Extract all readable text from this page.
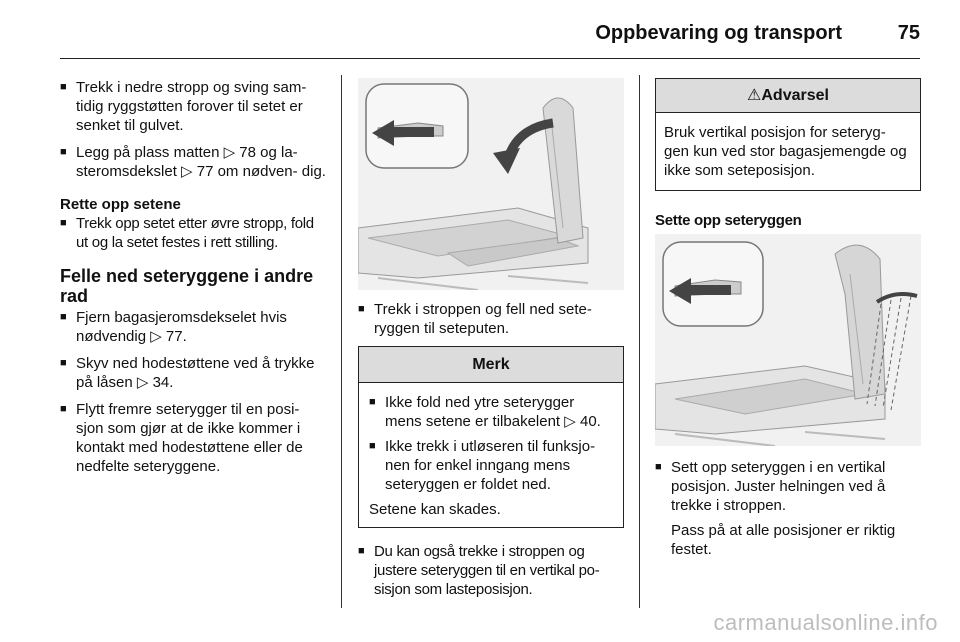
Oppbevaring og transport	75
■ Trekk i nedre stropp og sving sam- tidig ryggstøtten forover til setet er senket til gulvet.
■ Legg på plass matten ▷ 78 og la- steromsdekslet ▷ 77 om nødven- dig.
Rette opp setene
■ Trekk opp setet etter øvre stropp, fold ut og la setet festes i rett stilling.
Felle ned seteryggene i andre rad
■ Fjern bagasjeromsdekselet hvis nødvendig ▷ 77.
■ Skyv ned hodestøttene ved å trykke på låsen ▷ 34.
■ Flytt fremre seterygger til en posi- sjon som gjør at de ikke kommer i kontakt med hodestøttene eller de nedfelte seteryggene.
■ Trekk i stroppen og fell ned sete- ryggen til seteputen.
Merk
■ Ikke fold ned ytre seterygger mens setene er tilbakelent ▷ 40.
■ Ikke trekk i utløseren til funksjo- nen for enkel inngang mens seteryggen er foldet ned.
Setene kan skades.
■ Du kan også trekke i stroppen og justere seteryggen til en vertikal po- sisjon som lasteposisjon.
⚠Advarsel
Bruk vertikal posisjon for seteryg- gen kun ved stor bagasjemengde og ikke som seteposisjon.
Sette opp seteryggen
■ Sett opp seteryggen i en vertikal posisjon. Juster helningen ved å trekke i stroppen.
Pass på at alle posisjoner er riktig festet.
carmanualsonline.info
